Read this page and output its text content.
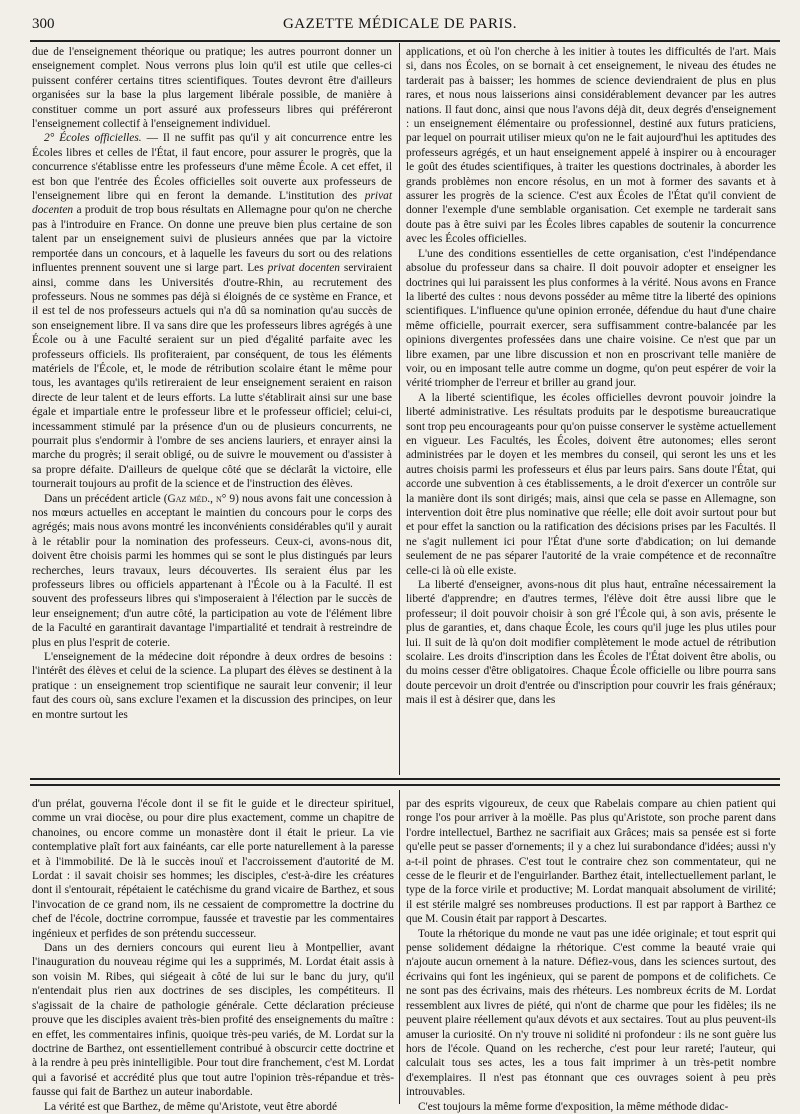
300	GAZETTE MÉDICALE DE PARIS.

due de l'enseignement théorique ou pratique; les autres pourront donner un enseignement complet. Nous verrons plus loin qu'il est utile que celles-ci puissent conférer certains titres scientifiques. Toutes devront être d'ailleurs organisées sur la base la plus largement libérale possible, de manière à constituer comme un port assuré aux professeurs libres qui préféreront l'enseignement collectif à l'enseignement individuel.

2° Écoles officielles. — Il ne suffit pas qu'il y ait concurrence entre les Écoles libres et celles de l'État, il faut encore, pour assurer le progrès, que la concurrence s'établisse entre les professeurs d'une même École. A cet effet, il est bon que l'entrée des Écoles officielles soit ouverte aux professeurs de l'enseignement libre qui en feront la demande. L'institution des privat docenten a produit de trop bous résultats en Allemagne pour qu'on ne cherche pas à l'introduire en France. On donne une preuve bien plus certaine de son talent par un enseignement suivi de plusieurs années que par la victoire remportée dans un concours, et à laquelle les faveurs du sort ou des relations influentes prennent souvent une si large part. Les privat docenten serviraient ainsi, comme dans les Universités d'outre-Rhin, au recrutement des professeurs. Nous ne sommes pas déjà si éloignés de ce système en France, et il est tel de nos professeurs actuels qui n'a dû sa nomination qu'au succès de son enseignement libre. Il va sans dire que les professeurs libres agrégés à une École ou à une Faculté seraient sur un pied d'égalité parfaite avec les professeurs officiels. Ils profiteraient, par conséquent, de tous les éléments matériels de l'École, et, le mode de rétribution scolaire étant le même pour tous, les avantages qu'ils retireraient de leur enseignement seraient en raison directe de leur talent et de leurs efforts. La lutte s'établirait ainsi sur une base égale et impartiale entre le professeur libre et le professeur officiel; celui-ci, incessamment stimulé par la présence d'un ou de plusieurs concurrents, ne pourrait plus s'endormir à l'ombre de ses anciens lauriers, et enrayer ainsi la marche du progrès; il serait obligé, ou de suivre le mouvement ou d'assister à sa propre défaite. D'ailleurs de quelque côté que se déclarât la victoire, elle tournerait toujours au profit de la science et de l'instruction des élèves.

Dans un précédent article (Gaz méd., n° 9) nous avons fait une concession à nos mœurs actuelles en acceptant le maintien du concours pour le corps des agrégés; mais nous avons montré les inconvénients considérables qu'il y aurait à le rétablir pour la nomination des professeurs. Ceux-ci, avons-nous dit, doivent être choisis parmi les hommes qui se sont le plus distingués par leurs recherches, leurs travaux, leurs découvertes. Ils seraient élus par les professeurs libres ou officiels appartenant à l'École ou à la Faculté. Il est souvent des professeurs libres qui s'imposeraient à l'élection par le succès de leur enseignement; d'un autre côté, la participation au vote de l'élément libre de la Faculté en garantirait davantage l'impartialité et tendrait à restreindre de plus en plus l'esprit de coterie.

L'enseignement de la médecine doit répondre à deux ordres de besoins : l'intérêt des élèves et celui de la science. La plupart des élèves se destinent à la pratique : un enseignement trop scientifique ne saurait leur convenir; il leur faut des cours où, sans exclure l'examen et la discussion des principes, on leur en montre surtout les

applications, et où l'on cherche à les initier à toutes les difficultés de l'art. Mais si, dans nos Écoles, on se bornait à cet enseignement, le niveau des études ne tarderait pas à baisser; les hommes de science deviendraient de plus en plus rares, et nous nous laisserions ainsi considérablement devancer par les autres nations. Il faut donc, ainsi que nous l'avons déjà dit, deux degrés d'enseignement : un enseignement élémentaire ou professionnel, destiné aux futurs praticiens, par lequel on pourrait utiliser mieux qu'on ne le fait aujourd'hui les aptitudes des professeurs agrégés, et un haut enseignement appelé à inspirer ou à encourager le goût des études scientifiques, à traiter les questions doctrinales, à aborder les grands problèmes non encore résolus, en un mot à former des savants et à assurer les progrès de la science. C'est aux Écoles de l'État qu'il convient de donner l'exemple d'une semblable organisation. Cet exemple ne tarderait sans doute pas à être suivi par les Écoles libres capables de soutenir la concurrence avec les Écoles officielles.

L'une des conditions essentielles de cette organisation, c'est l'indépendance absolue du professeur dans sa chaire. Il doit pouvoir adopter et enseigner les doctrines qui lui paraissent les plus conformes à la vérité. Nous avons en France la liberté des cultes : nous devons posséder au même titre la liberté des opinions scientifiques. L'influence qu'une opinion erronée, défendue du haut d'une chaire même officielle, pourrait exercer, sera suffisamment contre-balancée par les opinions divergentes professées dans une chaire voisine. Ce n'est que par un libre examen, par une libre discussion et non en proscrivant telle manière de voir, ou en imposant telle autre comme un dogme, qu'on peut espérer de voir la vérité triompher de l'erreur et briller au grand jour.

A la liberté scientifique, les écoles officielles devront pouvoir joindre la liberté administrative. Les résultats produits par le despotisme bureaucratique sont trop peu encourageants pour qu'on puisse conserver le système actuellement en vigueur. Les Facultés, les Écoles, doivent être autonomes; elles seront administrées par le doyen et les membres du conseil, qui seront les uns et les autres choisis parmi les professeurs et élus par leurs pairs. Sans doute l'État, qui accorde une subvention à ces établissements, a le droit d'exercer un contrôle sur la manière dont ils sont dirigés; mais, ainsi que cela se passe en Allemagne, son intervention doit être plus nominative que réelle; elle doit avoir surtout pour but et pour effet la sanction ou la ratification des décisions prises par les Facultés. Il ne s'agit nullement ici pour l'État d'une sorte d'abdication; on lui demande seulement de ne pas séparer l'autorité de la vraie compétence et de reconnaître celle-ci là où elle existe.

La liberté d'enseigner, avons-nous dit plus haut, entraîne nécessairement la liberté d'apprendre; en d'autres termes, l'élève doit être aussi libre que le professeur; il doit pouvoir choisir à son gré l'École qui, à son avis, présente le plus de garanties, et, dans chaque École, les cours qu'il juge les plus utiles pour lui. Il suit de là qu'on doit modifier complètement le mode actuel de rétribution scolaire. Les droits d'inscription dans les Écoles de l'État doivent être abolis, ou du moins cesser d'être obligatoires. Chaque École officielle ou libre pourra sans doute percevoir un droit d'entrée ou d'inscription pour couvrir les frais généraux; mais il est à désirer que, dans les

d'un prélat, gouverna l'école dont il se fit le guide et le directeur spirituel, comme un vrai diocèse, ou pour dire plus exactement, comme un chapitre de chanoines, ou encore comme un monastère dont il était le prieur. La vie contemplative plaît fort aux fainéants, car elle porte naturellement à la paresse et à l'immobilité. De là le succès inouï et l'accroissement d'autorité de M. Lordat : il savait choisir ses hommes; les disciples, c'est-à-dire les créatures dont il s'entourait, répétaient le catéchisme du grand vicaire de Barthez, et sous l'invocation de ce grand nom, ils ne cessaient de compromettre la doctrine du chef de l'école, doctrine corrompue, faussée et travestie par les commentaires ingénieux et perfides de son prétendu successeur.

Dans un des derniers concours qui eurent lieu à Montpellier, avant l'inauguration du nouveau régime qui les a supprimés, M. Lordat était assis à son voisin M. Ribes, qui siégeait à côté de lui sur le banc du jury, qu'il n'entendait plus rien aux doctrines de ses disciples, les compétiteurs. Il s'agissait de la chaire de pathologie générale. Cette déclaration précieuse prouve que les disciples avaient très-bien profité des enseignements du maître : en effet, les commentaires infinis, quoique très-peu variés, de M. Lordat sur la doctrine de Barthez, ont essentiellement contribué à obscurcir cette doctrine et à la rendre à peu près inintelligible. Pour tout dire franchement, c'est M. Lordat qui a favorisé et accrédité plus que tout autre l'opinion très-répandue et très-fausse qui fait de Barthez un auteur inabordable.

La vérité est que Barthez, de même qu'Aristote, veut être abordé

par des esprits vigoureux, de ceux que Rabelais compare au chien patient qui ronge l'os pour arriver à la moëlle. Pas plus qu'Aristote, son proche parent dans l'ordre intellectuel, Barthez ne sacrifiait aux Grâces; mais sa pensée est si forte qu'elle peut se passer d'ornements; il y a chez lui surabondance d'idées; aussi n'y a-t-il point de phrases. C'est tout le contraire chez son commentateur, qui ne cesse de le fleurir et de l'enguirlander. Barthez était, intellectuellement parlant, le type de la force virile et productive; M. Lordat manquait absolument de virilité; il est stérile malgré ses nombreuses productions. Il est par rapport à Barthez ce que M. Cousin était par rapport à Descartes.

Toute la rhétorique du monde ne vaut pas une idée originale; et tout esprit qui pense solidement dédaigne la rhétorique. C'est comme la beauté vraie qui n'ajoute aucun ornement à la nature. Défiez-vous, dans les sciences surtout, des écrivains qui font les ingénieux, qui se parent de pompons et de colifichets. Ce ne sont pas des écrivains, mais des rhéteurs. Les nombreux écrits de M. Lordat ressemblent aux livres de piété, qui n'ont de charme que pour les fidèles; ils ne peuvent plaire réellement qu'aux dévots et aux sectaires. Tout au plus peuvent-ils amuser la curiosité. On n'y trouve ni solidité ni profondeur : ils ne sont guère lus hors de l'école. Quand on les recherche, c'est pour leur rareté; l'auteur, qui calculait tous ses actes, les a tous fait imprimer à un très-petit nombre d'exemplaires. Il n'est pas étonnant que ces ouvrages soient à peu près introuvables.

C'est toujours la même forme d'exposition, la même méthode didac-
